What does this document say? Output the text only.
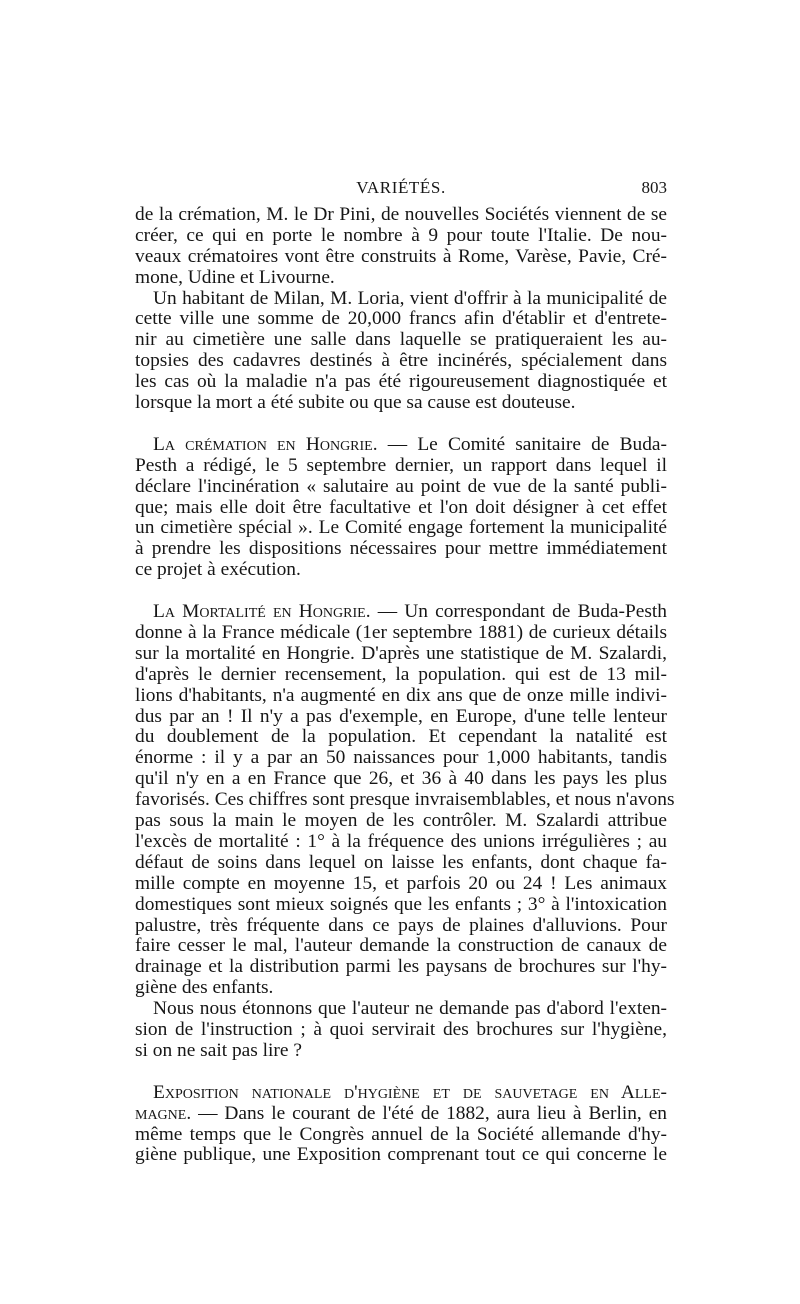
VARIÉTÉS.	803
de la crémation, M. le Dr Pini, de nouvelles Sociétés viennent de se
créer, ce qui en porte le nombre à 9 pour toute l'Italie. De nou-
veaux crématoires vont être construits à Rome, Varèse, Pavie, Cré-
mone, Udine et Livourne.
Un habitant de Milan, M. Loria, vient d'offrir à la municipalité de
cette ville une somme de 20,000 francs afin d'établir et d'entrete-
nir au cimetière une salle dans laquelle se pratiqueraient les au-
topsies des cadavres destinés à être incinérés, spécialement dans
les cas où la maladie n'a pas été rigoureusement diagnostiquée et
lorsque la mort a été subite ou que sa cause est douteuse.
La crémation en Hongrie. — Le Comité sanitaire de Buda-
Pesth a rédigé, le 5 septembre dernier, un rapport dans lequel il
déclare l'incinération « salutaire au point de vue de la santé publi-
que; mais elle doit être facultative et l'on doit désigner à cet effet
un cimetière spécial ». Le Comité engage fortement la municipalité
à prendre les dispositions nécessaires pour mettre immédiatement
ce projet à exécution.
La Mortalité en Hongrie. — Un correspondant de Buda-Pesth
donne à la France médicale (1er septembre 1881) de curieux détails
sur la mortalité en Hongrie. D'après une statistique de M. Szalardi,
d'après le dernier recensement, la population. qui est de 13 mil-
lions d'habitants, n'a augmenté en dix ans que de onze mille indivi-
dus par an ! Il n'y a pas d'exemple, en Europe, d'une telle lenteur
du doublement de la population. Et cependant la natalité est
énorme : il y a par an 50 naissances pour 1,000 habitants, tandis
qu'il n'y en a en France que 26, et 36 à 40 dans les pays les plus
favorisés. Ces chiffres sont presque invraisemblables, et nous n'avons
pas sous la main le moyen de les contrôler. M. Szalardi attribue
l'excès de mortalité : 1° à la fréquence des unions irrégulières ; au
défaut de soins dans lequel on laisse les enfants, dont chaque fa-
mille compte en moyenne 15, et parfois 20 ou 24 ! Les animaux
domestiques sont mieux soignés que les enfants ; 3° à l'intoxication
palustre, très fréquente dans ce pays de plaines d'alluvions. Pour
faire cesser le mal, l'auteur demande la construction de canaux de
drainage et la distribution parmi les paysans de brochures sur l'hy-
giène des enfants.
Nous nous étonnons que l'auteur ne demande pas d'abord l'exten-
sion de l'instruction ; à quoi servirait des brochures sur l'hygiène,
si on ne sait pas lire ?
Exposition nationale d'hygiène et de sauvetage en Alle-
magne. — Dans le courant de l'été de 1882, aura lieu à Berlin, en
même temps que le Congrès annuel de la Société allemande d'hy-
giène publique, une Exposition comprenant tout ce qui concerne le
